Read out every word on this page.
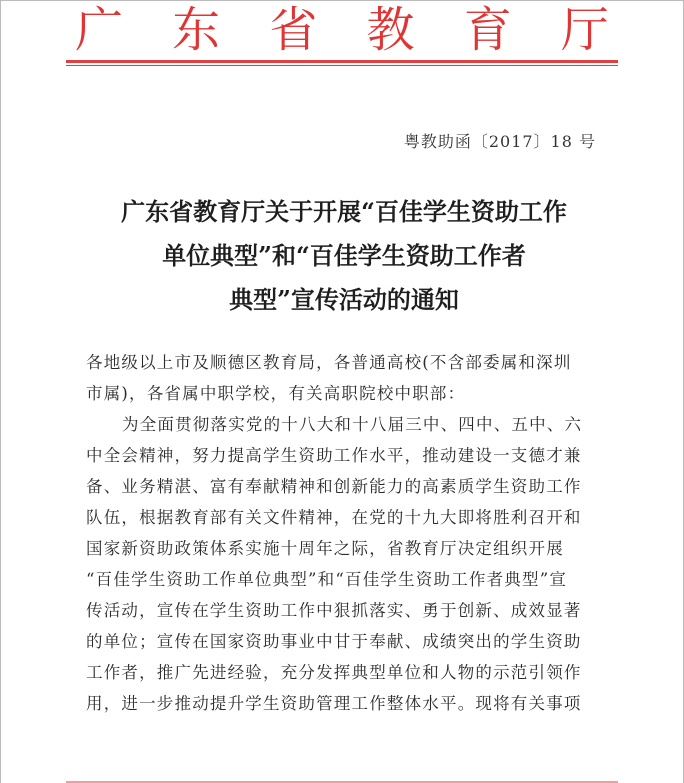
广 东 省 教 育 厅
粤教助函〔2017〕18 号
广东省教育厅关于开展“百佳学生资助工作
单位典型”和“百佳学生资助工作者
典型”宣传活动的通知
各地级以上市及顺德区教育局，各普通高校(不含部委属和深圳
市属)，各省属中职学校，有关高职院校中职部：
为全面贯彻落实党的十八大和十八届三中、四中、五中、六
中全会精神，努力提高学生资助工作水平，推动建设一支德才兼
备、业务精湛、富有奉献精神和创新能力的高素质学生资助工作
队伍，根据教育部有关文件精神，在党的十九大即将胜利召开和
国家新资助政策体系实施十周年之际，省教育厅决定组织开展
“百佳学生资助工作单位典型”和“百佳学生资助工作者典型”宣
传活动，宣传在学生资助工作中狠抓落实、勇于创新、成效显著
的单位；宣传在国家资助事业中甘于奉献、成绩突出的学生资助
工作者，推广先进经验，充分发挥典型单位和人物的示范引领作
用，进一步推动提升学生资助管理工作整体水平。现将有关事项
